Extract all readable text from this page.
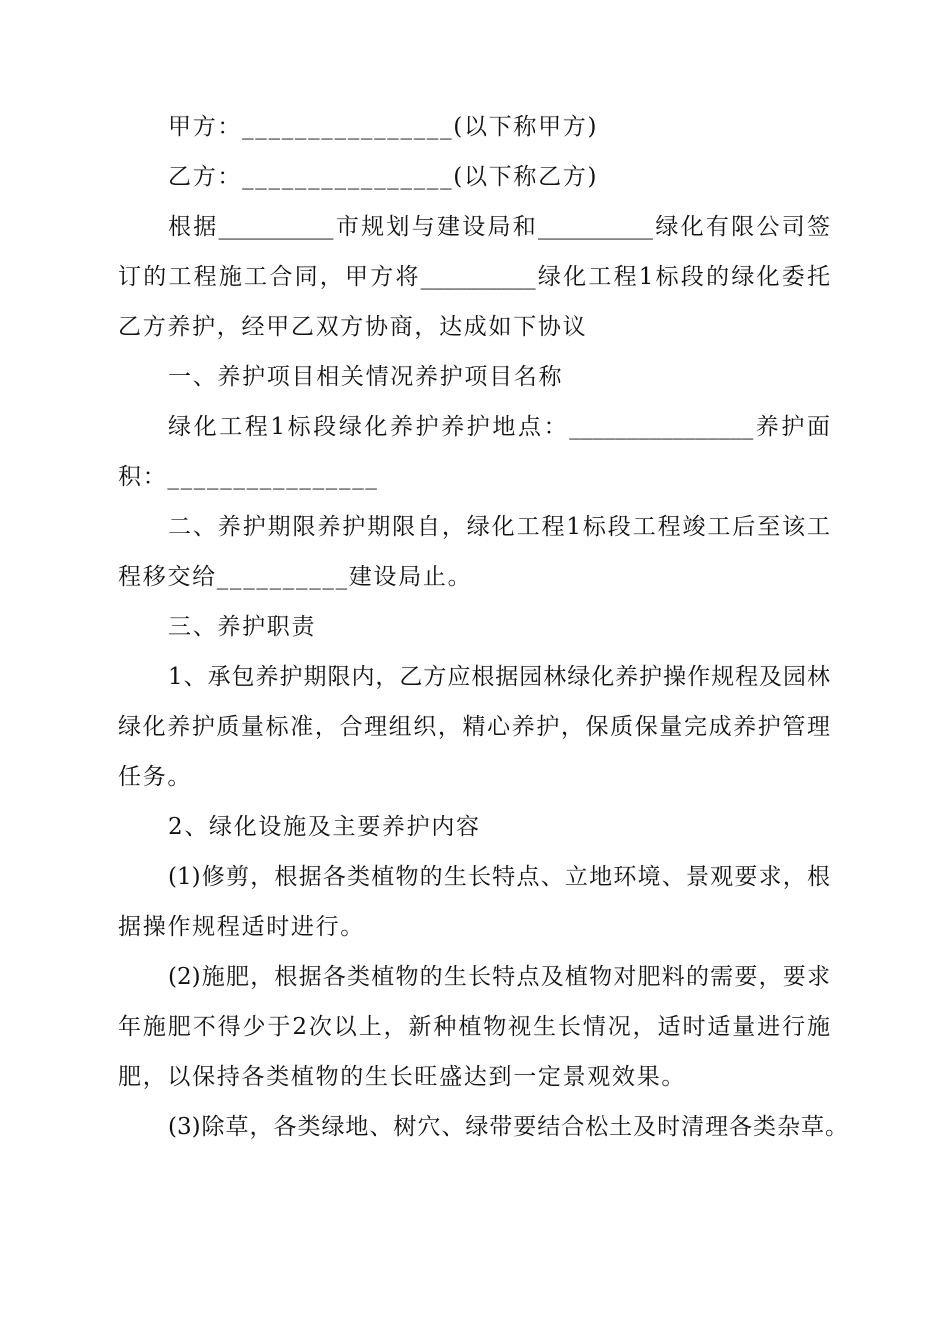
甲方：________________(以下称甲方)
乙方：________________(以下称乙方)
根据__________市规划与建设局和__________绿化有限公司签
订的工程施工合同，甲方将__________绿化工程1标段的绿化委托
乙方养护，经甲乙双方协商，达成如下协议
一、养护项目相关情况养护项目名称
绿化工程1标段绿化养护养护地点：________________养护面
积：________________
二、养护期限养护期限自，绿化工程1标段工程竣工后至该工
程移交给__________建设局止。
三、养护职责
1、承包养护期限内，乙方应根据园林绿化养护操作规程及园林
绿化养护质量标准，合理组织，精心养护，保质保量完成养护管理
任务。
2、绿化设施及主要养护内容
(1)修剪，根据各类植物的生长特点、立地环境、景观要求，根
据操作规程适时进行。
(2)施肥，根据各类植物的生长特点及植物对肥料的需要，要求
年施肥不得少于2次以上，新种植物视生长情况，适时适量进行施
肥，以保持各类植物的生长旺盛达到一定景观效果。
(3)除草，各类绿地、树穴、绿带要结合松土及时清理各类杂草。
